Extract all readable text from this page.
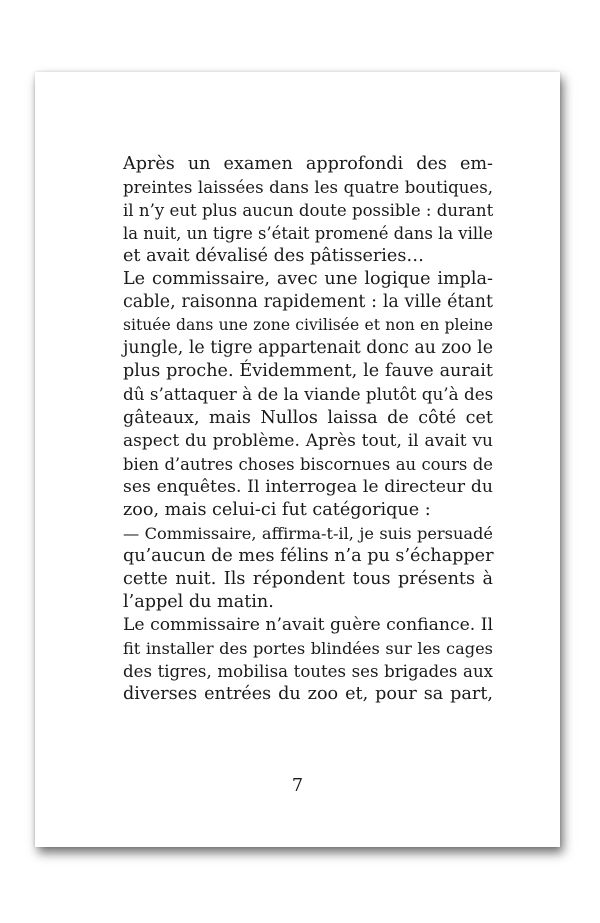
Après un examen approfondi des em-
preintes laissées dans les quatre boutiques,
il n’y eut plus aucun doute possible : durant
la nuit, un tigre s’était promené dans la ville
et avait dévalisé des pâtisseries…
Le commissaire, avec une logique impla-
cable, raisonna rapidement : la ville étant
située dans une zone civilisée et non en pleine
jungle, le tigre appartenait donc au zoo le
plus proche. Évidemment, le fauve aurait
dû s’attaquer à de la viande plutôt qu’à des
gâteaux, mais Nullos laissa de côté cet
aspect du problème. Après tout, il avait vu
bien d’autres choses biscornues au cours de
ses enquêtes. Il interrogea le directeur du
zoo, mais celui-ci fut catégorique :
— Commissaire, affirma-t-il, je suis persuadé
qu’aucun de mes félins n’a pu s’échapper
cette nuit. Ils répondent tous présents à
l’appel du matin.
Le commissaire n’avait guère confiance. Il
fit installer des portes blindées sur les cages
des tigres, mobilisa toutes ses brigades aux
diverses entrées du zoo et, pour sa part,
7
